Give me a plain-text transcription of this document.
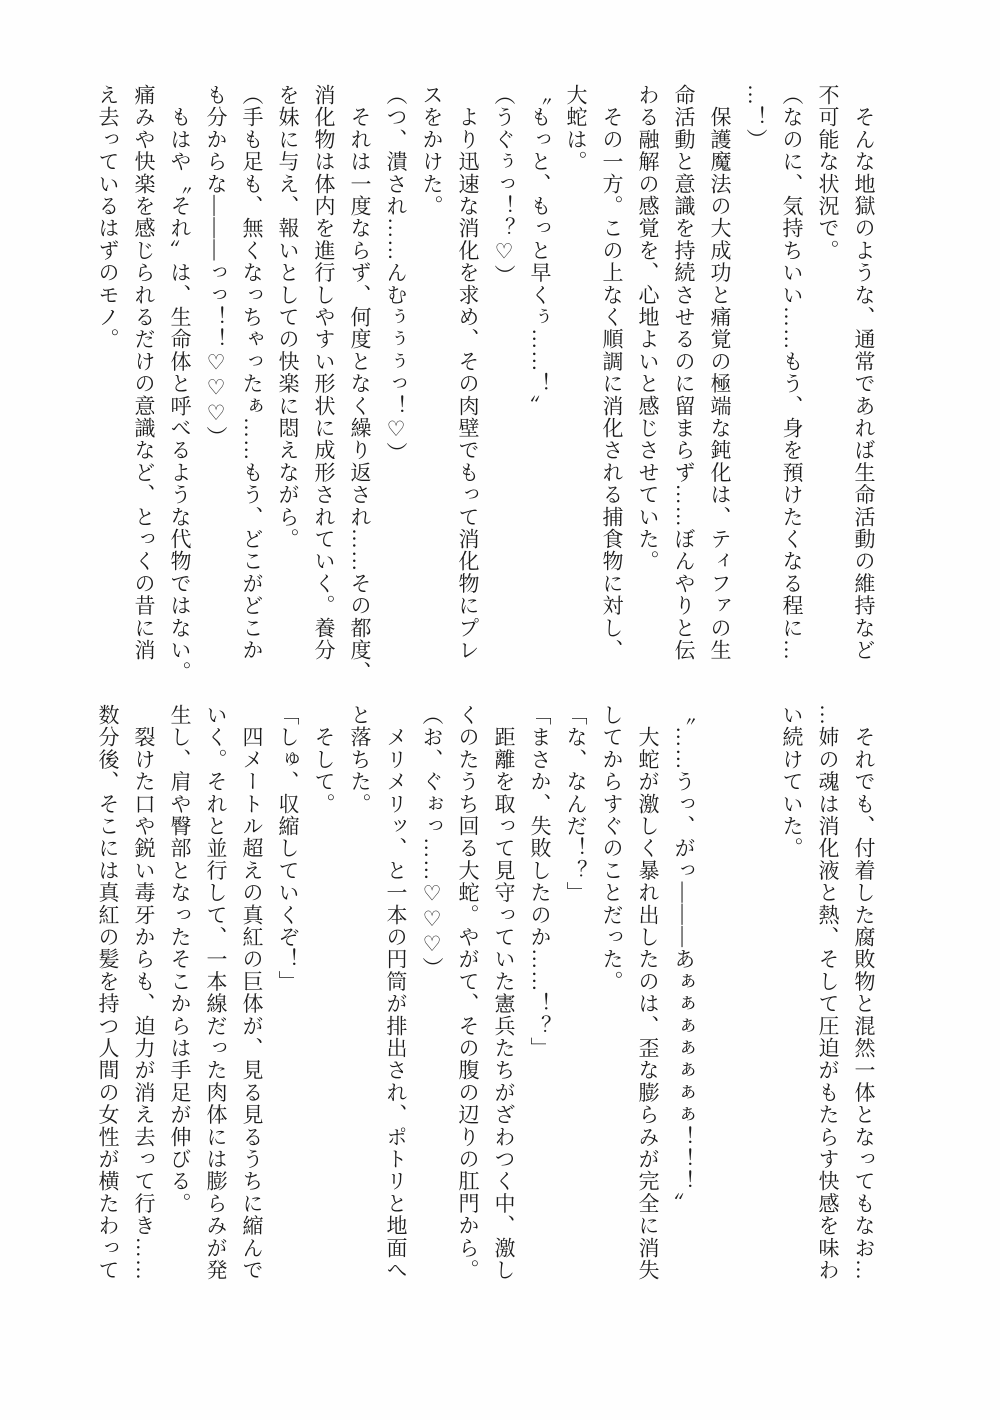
　そんな地獄のような、通常であれば生命活動の維持など

不可能な状況で。

（なのに、気持ちいい……もう、身を預けたくなる程に…

…！）

　保護魔法の大成功と痛覚の極端な鈍化は、ティファの生

命活動と意識を持続させるのに留まらず……ぼんやりと伝

わる融解の感覚を、心地よいと感じさせていた。

　その一方。この上なく順調に消化される捕食物に対し、

大蛇は。

〝もっと、もっと早くぅ……！〟

（うぐぅっ！？♡）

　より迅速な消化を求め、その肉壁でもって消化物にプレ

スをかけた。

（つ、潰され……んむぅぅぅっ！♡）

　それは一度ならず、何度となく繰り返され……その都度、

消化物は体内を進行しやすい形状に成形されていく。養分

を妹に与え、報いとしての快楽に悶えながら。

（手も足も、無くなっちゃったぁ……もう、どこがどこか

も分からな―――っっ！！♡♡♡）

　もはや〝それ〟は、生命体と呼べるような代物ではない。

痛みや快楽を感じられるだけの意識など、とっくの昔に消

え去っているはずのモノ。

　それでも、付着した腐敗物と混然一体となってもなお…

…姉の魂は消化液と熱、そして圧迫がもたらす快感を味わ

い続けていた。

〝……うっ、がっ―――あぁぁぁぁぁぁぁ！！！〟

　大蛇が激しく暴れ出したのは、歪な膨らみが完全に消失

してからすぐのことだった。

「な、なんだ！？」

「まさか、失敗したのか……！？」

　距離を取って見守っていた憲兵たちがざわつく中、激し

くのたうち回る大蛇。やがて、その腹の辺りの肛門から。

（お、ぐぉっ……♡♡♡）

　メリメリッ、と一本の円筒が排出され、ポトリと地面へ

と落ちた。

　そして。

「しゅ、収縮していくぞ！」

　四メートル超えの真紅の巨体が、見る見るうちに縮んで

いく。それと並行して、一本線だった肉体には膨らみが発

生し、肩や臀部となったそこからは手足が伸びる。

　裂けた口や鋭い毒牙からも、迫力が消え去って行き……

数分後、そこには真紅の髪を持つ人間の女性が横たわって
